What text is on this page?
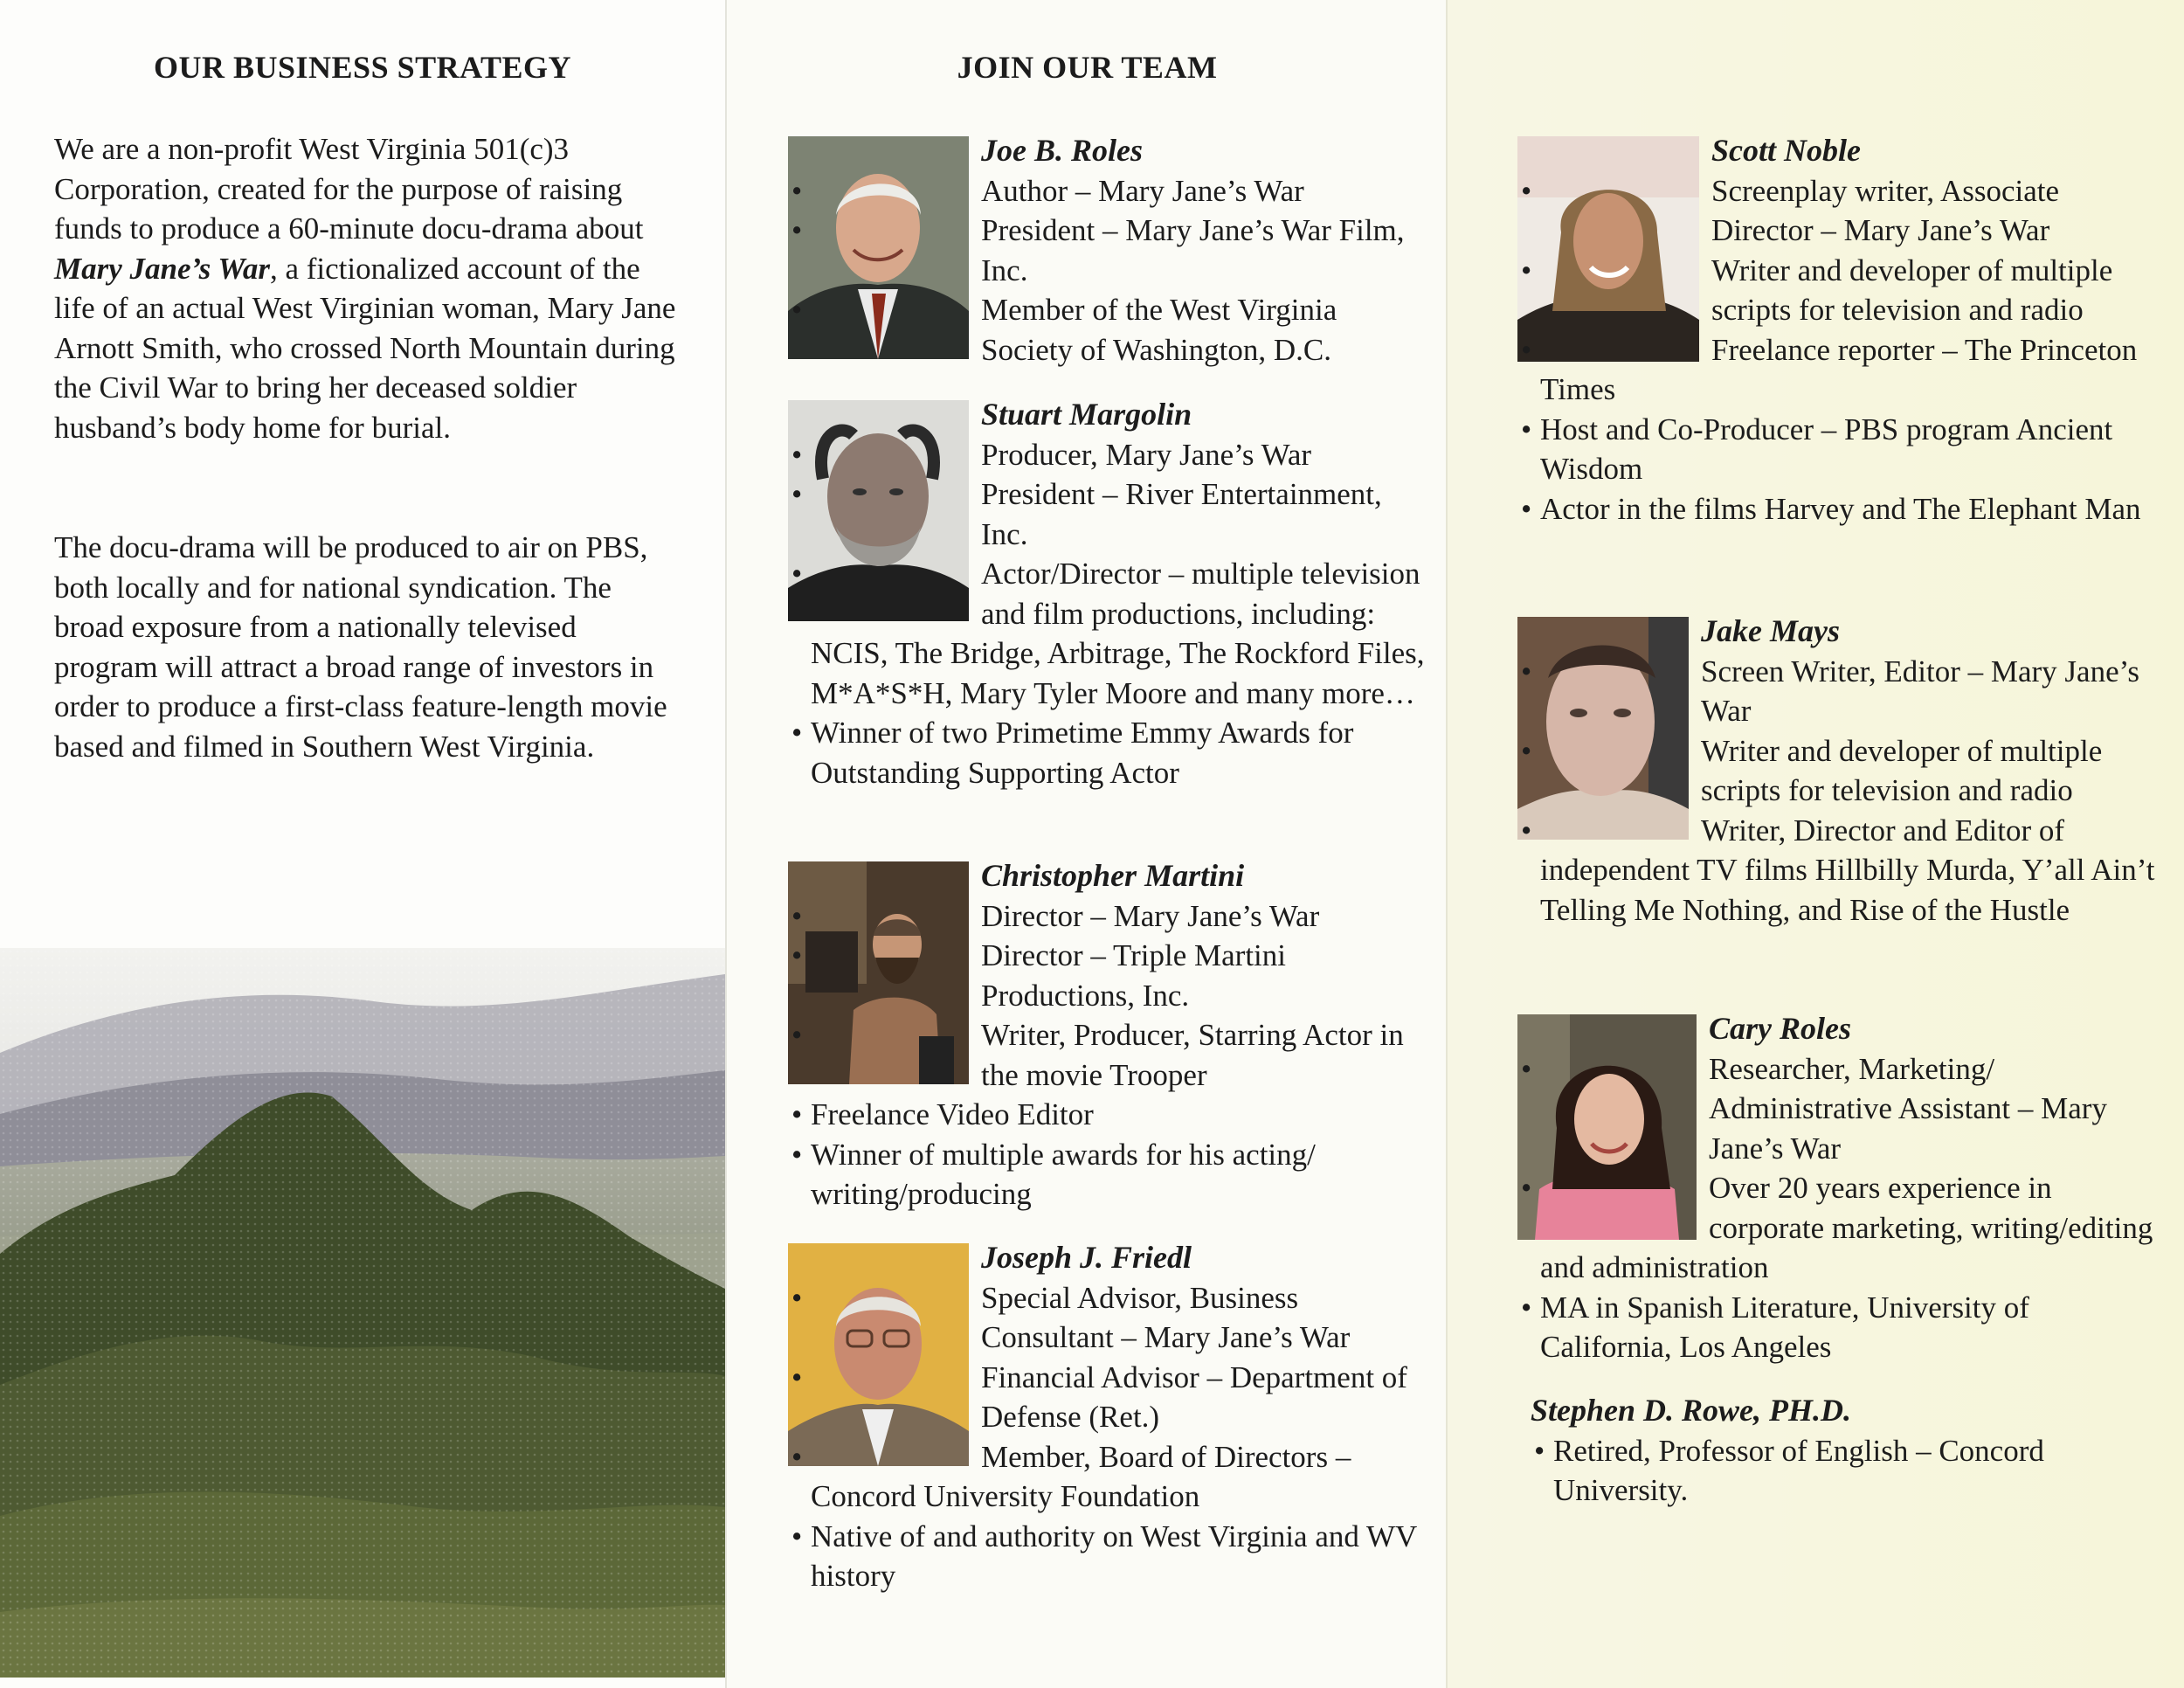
OUR BUSINESS STRATEGY

We are a non-profit West Virginia 501(c)3 Corporation, created for the purpose of raising funds to produce a 60-minute docu-drama about Mary Jane’s War, a fictionalized account of the life of an actual West Virginian woman, Mary Jane Arnott Smith, who crossed North Mountain during the Civil War to bring her deceased soldier husband’s body home for burial.

The docu-drama will be produced to air on PBS, both locally and for national syndication. The broad exposure from a nationally televised program will attract a broad range of investors in order to produce a first-class feature-length movie based and filmed in Southern West Virginia.

JOIN OUR TEAM
Joe B. Roles
• Author – Mary Jane’s War
• President – Mary Jane’s War Film, Inc.
• Member of the West Virginia Society of Washington, D.C.
Stuart Margolin
• Producer, Mary Jane’s War
• President – River Entertainment, Inc.
• Actor/Director – multiple television and film productions, including: NCIS, The Bridge, Arbitrage, The Rockford Files, M*A*S*H, Mary Tyler Moore and many more…
• Winner of two Primetime Emmy Awards for Outstanding Supporting Actor
Christopher Martini
• Director – Mary Jane’s War
• Director – Triple Martini Productions, Inc.
• Writer, Producer, Starring Actor in the movie Trooper
• Freelance Video Editor
• Winner of multiple awards for his acting/ writing/producing
Joseph J. Friedl
• Special Advisor, Business Consultant – Mary Jane’s War
• Financial Advisor – Department of Defense (Ret.)
• Member, Board of Directors – Concord University Foundation
• Native of and authority on West Virginia and WV history
Scott Noble
• Screenplay writer, Associate Director – Mary Jane’s War
• Writer and developer of multiple scripts for television and radio
• Freelance reporter – The Princeton Times
• Host and Co-Producer – PBS program Ancient Wisdom
• Actor in the films Harvey and The Elephant Man
Jake Mays
• Screen Writer, Editor – Mary Jane’s War
• Writer and developer of multiple scripts for television and radio
• Writer, Director and Editor of independent TV films Hillbilly Murda, Y’all Ain’t Telling Me Nothing, and Rise of the Hustle
Cary Roles
• Researcher, Marketing/ Administrative Assistant – Mary Jane’s War
• Over 20 years experience in corporate marketing, writing/editing and administration
• MA in Spanish Literature, University of California, Los Angeles
Stephen D. Rowe, PH.D.
• Retired, Professor of English – Concord University.
